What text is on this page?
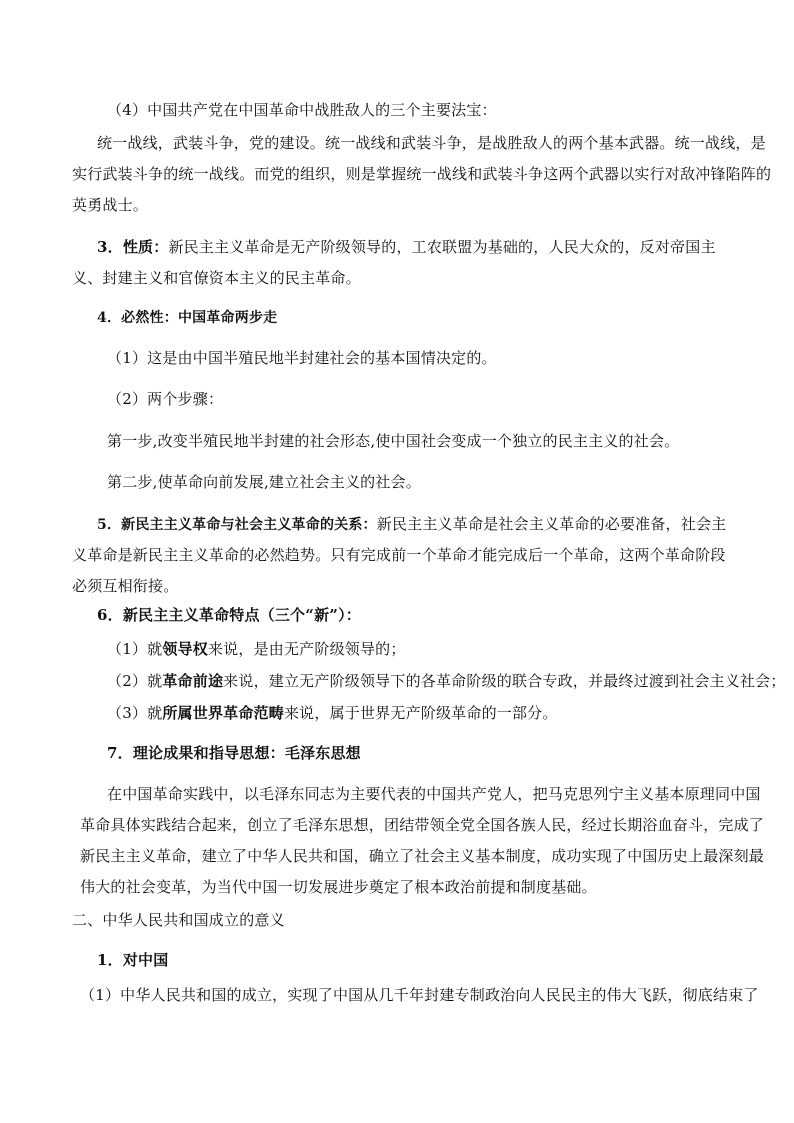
（4）中国共产党在中国革命中战胜敌人的三个主要法宝：
统一战线，武装斗争，党的建设。统一战线和武装斗争，是战胜敌人的两个基本武器。统一战线，是
实行武装斗争的统一战线。而党的组织，则是掌握统一战线和武装斗争这两个武器以实行对敌冲锋陷阵的
英勇战士。
3．性质：新民主主义革命是无产阶级领导的，工农联盟为基础的，人民大众的，反对帝国主
义、封建主义和官僚资本主义的民主革命。
4．必然性：中国革命两步走
（1）这是由中国半殖民地半封建社会的基本国情决定的。
（2）两个步骤：
第一步,改变半殖民地半封建的社会形态,使中国社会变成一个独立的民主主义的社会。
第二步,使革命向前发展,建立社会主义的社会。
5．新民主主义革命与社会主义革命的关系：新民主主义革命是社会主义革命的必要准备，社会主
义革命是新民主主义革命的必然趋势。只有完成前一个革命才能完成后一个革命，这两个革命阶段
必须互相衔接。
6．新民主主义革命特点（三个“新”）：
（1）就领导权来说，是由无产阶级领导的；
（2）就革命前途来说，建立无产阶级领导下的各革命阶级的联合专政，并最终过渡到社会主义社会；
（3）就所属世界革命范畴来说，属于世界无产阶级革命的一部分。
7．理论成果和指导思想：毛泽东思想
在中国革命实践中，以毛泽东同志为主要代表的中国共产党人，把马克思列宁主义基本原理同中国
革命具体实践结合起来，创立了毛泽东思想，团结带领全党全国各族人民，经过长期浴血奋斗，完成了
新民主主义革命，建立了中华人民共和国，确立了社会主义基本制度，成功实现了中国历史上最深刻最
伟大的社会变革，为当代中国一切发展进步奠定了根本政治前提和制度基础。
二、中华人民共和国成立的意义
1．对中国
（1）中华人民共和国的成立，实现了中国从几千年封建专制政治向人民民主的伟大飞跃，彻底结束了
